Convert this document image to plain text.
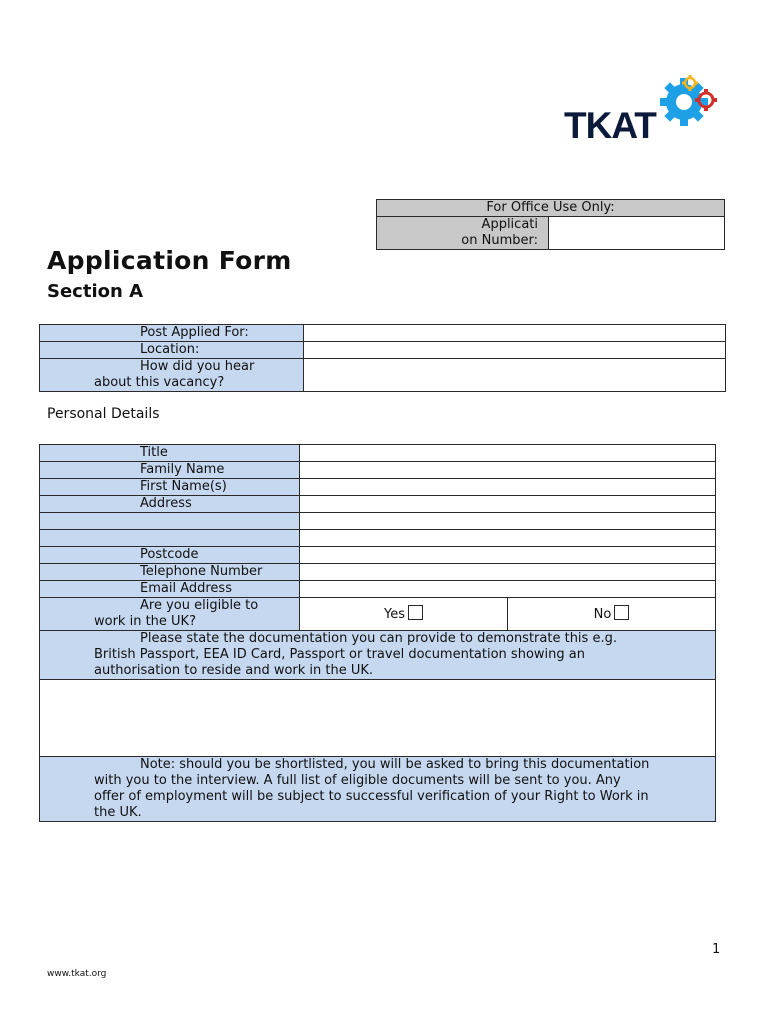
TKAT
For Office Use Only:
Applicati
on Number:	
Application Form
Section A
Post Applied For:	
Location:	
How did you hear
about this vacancy?	
Personal Details
Title		
Family Name		
First Name(s)		
Address		

Postcode		
Telephone Number		
Email Address		
Are you eligible to
work in the UK?	Yes	No
Please state the documentation you can provide to demonstrate this e.g.
British Passport, EEA ID Card, Passport or travel documentation showing an
authorisation to reside and work in the UK.		

Note: should you be shortlisted, you will be asked to bring this documentation
with you to the interview. A full list of eligible documents will be sent to you. Any
offer of employment will be subject to successful verification of your Right to Work in
the UK.		
1
www.tkat.org
